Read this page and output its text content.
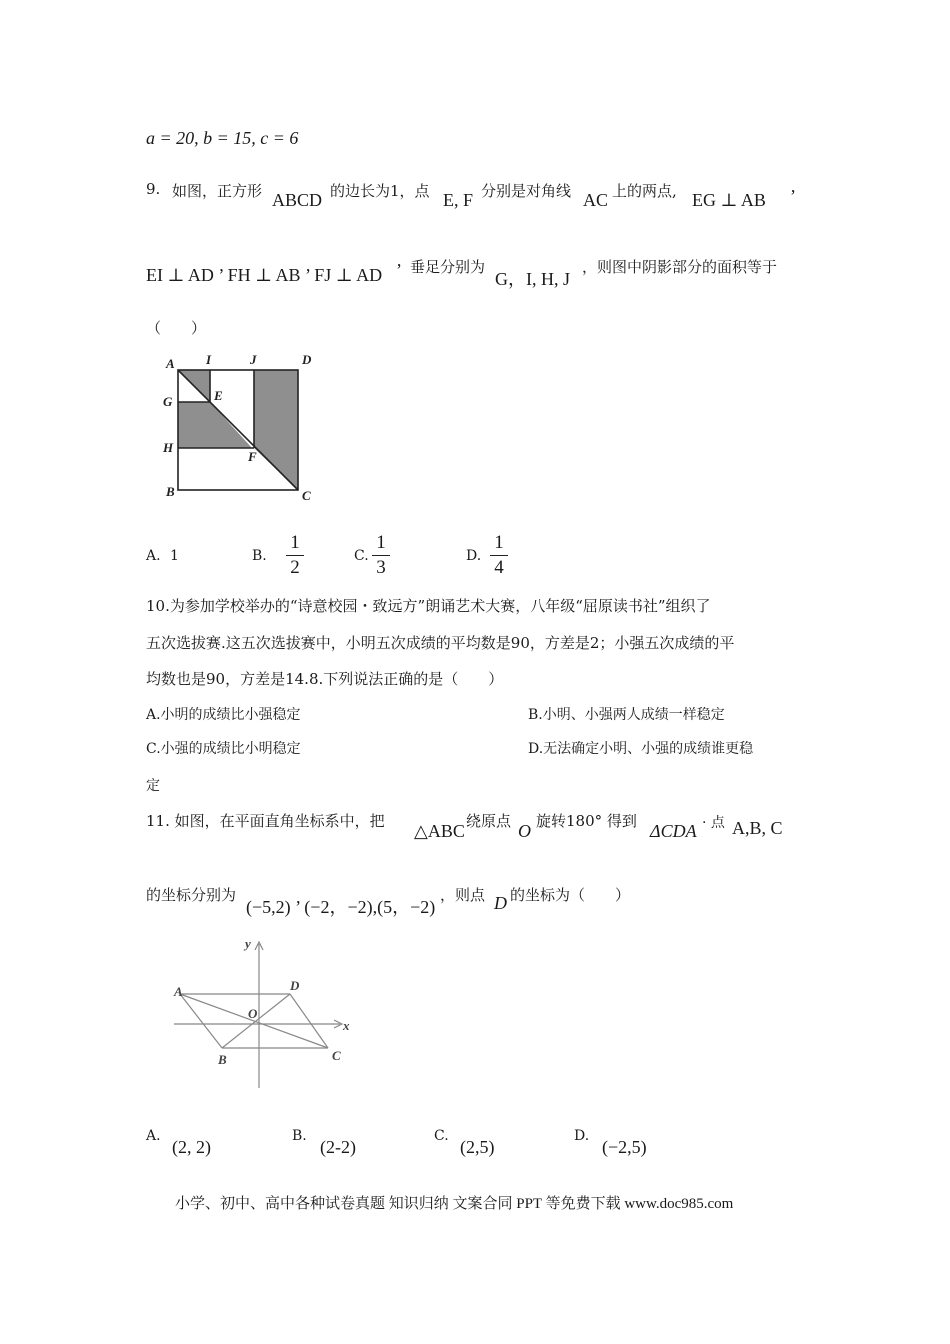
a = 20, b = 15, c = 6
9. 如图，正方形 ABCD 的边长为1，点 E, F 分别是对角线 AC 上的两点, EG ⊥ AB ’
EI ⊥ AD ’ FH ⊥ AB ’ FJ ⊥ AD ’ 垂足分别为
G，I, H, J
，则图中阴影部分的面积等于
（　　）
A I	J	D
G	E
H
F
B	C
A. 1	B.
1
2
C.
1
3
D.
1
4
10.为参加学校举办的“诗意校园・致远方”朗诵艺术大赛，八年级“屈原读书社”组织了
五次选拔赛.这五次选拔赛中，小明五次成绩的平均数是90，方差是2；小强五次成绩的平
均数也是90，方差是14.8.下列说法正确的是（　　）
A.小明的成绩比小强稳定	B.小明、小强两人成绩一样稳定
C.小强的成绩比小明稳定	D.无法确定小明、小强的成绩谁更稳
定
11. 如图，在平面直角坐标系中，把 △ABC 绕原点 O 旋转180° 得到 ΔCDA · 点 A,B, C
的坐标分别为
(−5,2) ’ (−2，−2),(5，−2)
，则点 D 的坐标为（　　）
y
A	D
O
x
B	C
A.
(2, 2)
B.
(2-2)
C.
(2,5)
D.
(−2,5)
小学、初中、高中各种试卷真题 知识归纳 文案合同 PPT 等免费下载 www.doc985.com
